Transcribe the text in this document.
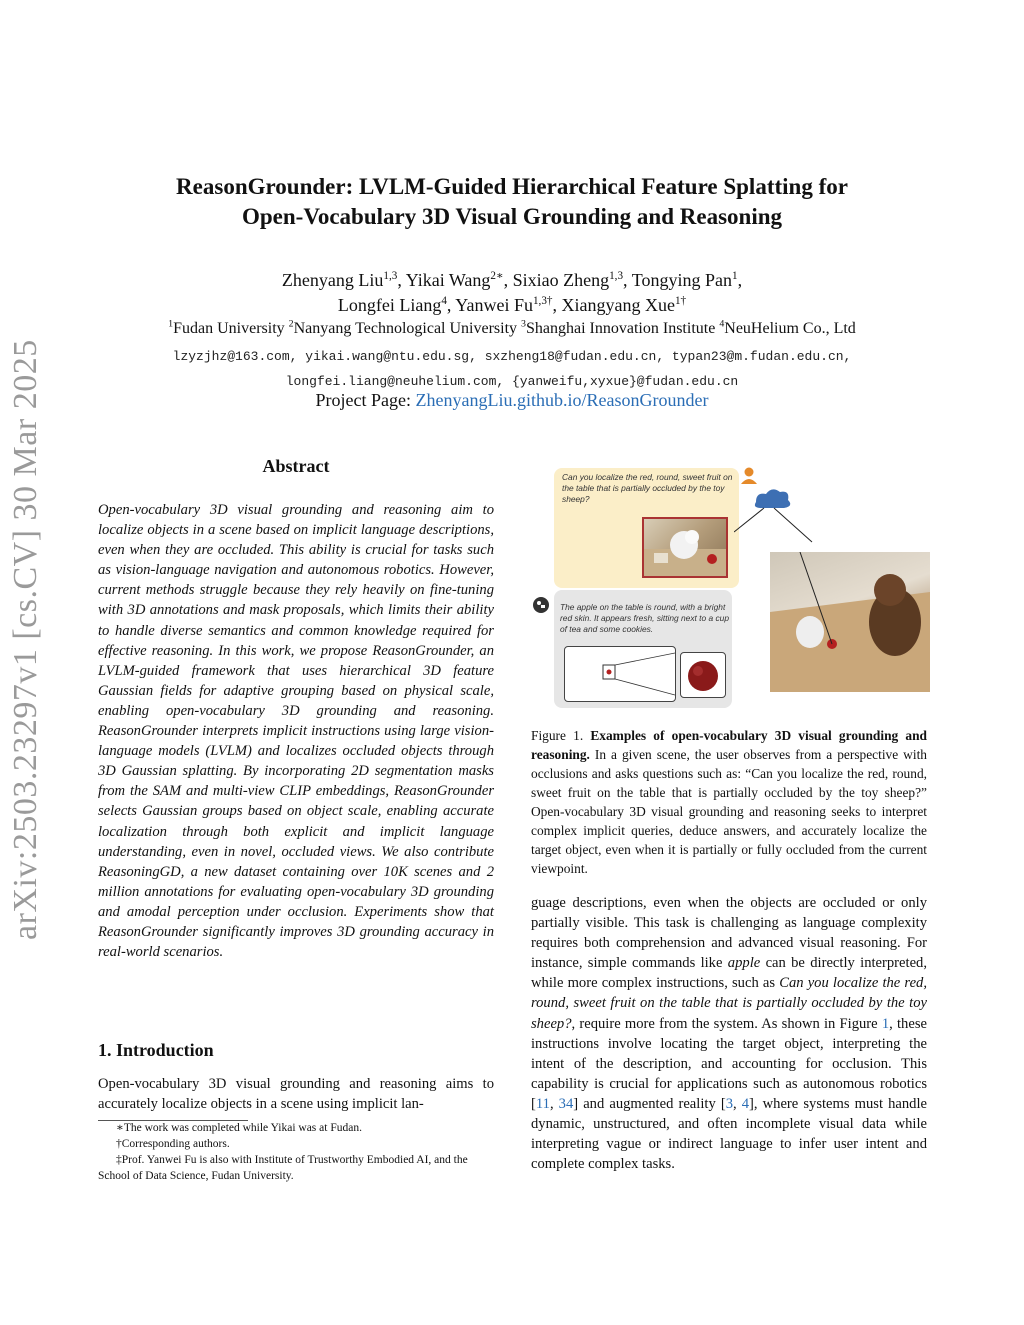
ReasonGrounder: LVLM-Guided Hierarchical Feature Splatting for
Open-Vocabulary 3D Visual Grounding and Reasoning
Zhenyang Liu$^{1,3}$, Yikai Wang$^{2∗}$, Sixiao Zheng$^{1,3}$, Tongying Pan$^1$,
Longfei Liang$^4$, Yanwei $Fu^{1,3\dagger}$, Xiangyang Xue$^{1\dagger}$
$^1$Fudan University $^2$Nanyang Technological University $^3$Shanghai Innovation Institute $^4$NeuHelium Co., Ltd
lzyzjhz@163.com, yikai.wang@ntu.edu.sg, sxzheng18@fudan.edu.cn, typan23@m.fudan.edu.cn,
longfei.liang@neuhelium.com, {yanweifu,xyxue}@fudan.edu.cn
Project Page: ZhenyangLiu.github.io/ReasonGrounder
arXiv:2503.23297v1 [cs.CV] 30 Mar 2025	Abstract
Open-vocabulary 3D visual grounding and reasoning aim to localize objects in a scene based on implicit language descriptions, even when they are occluded. This ability is crucial for tasks such as vision-language navigation and autonomous robotics. However, current methods struggle because they rely heavily on fine-tuning with 3D annotations and mask proposals, which limits their ability to handle diverse semantics and common knowledge required for effective reasoning. In this work, we propose ReasonGrounder, an LVLM-guided framework that uses hierarchical 3D feature Gaussian fields for adaptive grouping based on physical scale, enabling open-vocabulary 3D grounding and reasoning. ReasonGrounder interprets implicit instructions using large vision-language models (LVLM) and localizes occluded objects through 3D Gaussian splatting. By incorporating 2D segmentation masks from the SAM and multi-view CLIP embeddings, ReasonGrounder selects Gaussian groups based on object scale, enabling accurate localization through both explicit and implicit language understanding, even in novel, occluded views. We also contribute ReasoningGD, a new dataset containing over 10K scenes and 2 million annotations for evaluating open-vocabulary 3D grounding and amodal perception under occlusion. Experiments show that ReasonGrounder significantly improves 3D grounding accuracy in real-world scenarios.
1. Introduction
Open-vocabulary 3D visual grounding and reasoning aims to accurately localize objects in a scene using implicit lan-
∗The work was completed while Yikai was at Fudan.
†Corresponding authors.
‡Prof. Yanwei Fu is also with Institute of Trustworthy Embodied AI, and the School of Data Science, Fudan University.
Can you localize the red, round, sweet fruit on the table that is partially occluded by the toy sheep?
The apple on the table is round, with a bright red skin. It appears fresh, sitting next to a cup of tea and some cookies.
Figure 1. Examples of open-vocabulary 3D visual grounding and reasoning. In a given scene, the user observes from a perspective with occlusions and asks questions such as: “Can you localize the red, round, sweet fruit on the table that is partially occluded by the toy sheep?” Open-vocabulary 3D visual grounding and reasoning seeks to interpret complex implicit queries, deduce answers, and accurately localize the target object, even when it is partially or fully occluded from the current viewpoint.
guage descriptions, even when the objects are occluded or only partially visible. This task is challenging as language complexity requires both comprehension and advanced visual reasoning. For instance, simple commands like apple can be directly interpreted, while more complex instructions, such as Can you localize the red, round, sweet fruit on the table that is partially occluded by the toy sheep?, require more from the system. As shown in Figure 1, these instructions involve locating the target object, interpreting the intent of the description, and accounting for occlusion. This capability is crucial for applications such as autonomous robotics [11, 34] and augmented reality [3, 4], where systems must handle dynamic, unstructured, and often incomplete visual data while interpreting vague or indirect language to infer user intent and complete complex tasks.
